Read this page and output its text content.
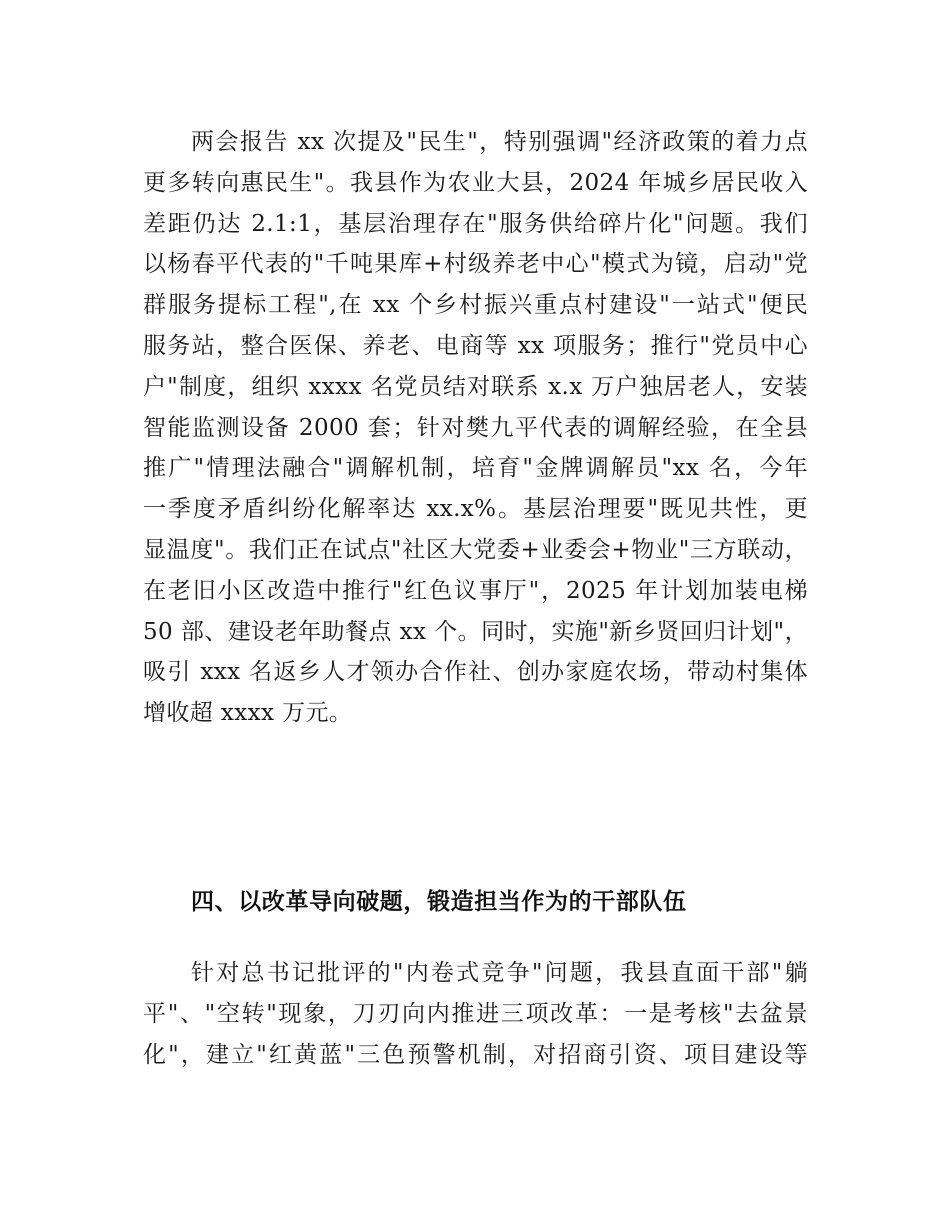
两会报告 xx 次提及"民生"，特别强调"经济政策的着力点
更多转向惠民生"。我县作为农业大县，2024 年城乡居民收入
差距仍达 2.1:1，基层治理存在"服务供给碎片化"问题。我们
以杨春平代表的"千吨果库+村级养老中心"模式为镜，启动"党
群服务提标工程",在 xx 个乡村振兴重点村建设"一站式"便民
服务站，整合医保、养老、电商等 xx 项服务；推行"党员中心
户"制度，组织 xxxx 名党员结对联系 x.x 万户独居老人，安装
智能监测设备 2000 套；针对樊九平代表的调解经验，在全县
推广"情理法融合"调解机制，培育"金牌调解员"xx 名，今年
一季度矛盾纠纷化解率达 xx.x%。基层治理要"既见共性，更
显温度"。我们正在试点"社区大党委+业委会+物业"三方联动，
在老旧小区改造中推行"红色议事厅"，2025 年计划加装电梯
50 部、建设老年助餐点 xx 个。同时，实施"新乡贤回归计划"，
吸引 xxx 名返乡人才领办合作社、创办家庭农场，带动村集体
增收超 xxxx 万元。
四、以改革导向破题，锻造担当作为的干部队伍
针对总书记批评的"内卷式竞争"问题，我县直面干部"躺
平"、"空转"现象，刀刃向内推进三项改革：一是考核"去盆景
化"，建立"红黄蓝"三色预警机制，对招商引资、项目建设等
